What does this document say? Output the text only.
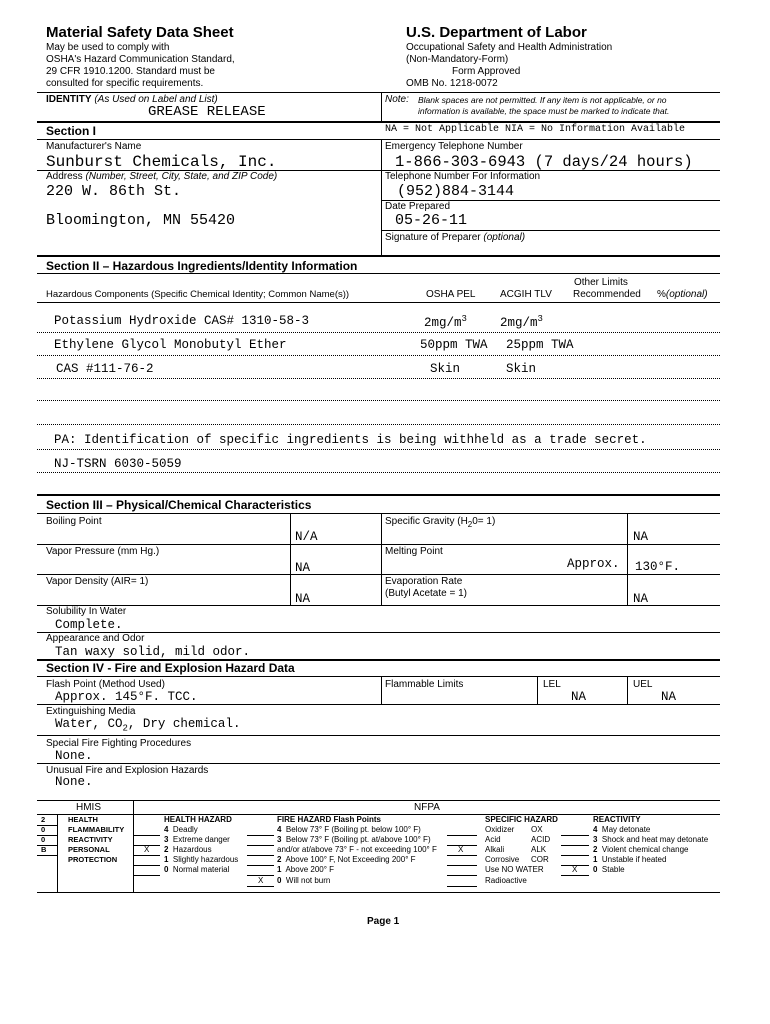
Material Safety Data Sheet
May be used to comply with
OSHA's Hazard Communication Standard,
29 CFR 1910.1200. Standard must be
consulted for specific requirements.
U.S. Department of Labor
Occupational Safety and Health Administration
(Non-Mandatory-Form)
Form Approved
OMB No. 1218-0072
IDENTITY (As Used on Label and List)
GREASE RELEASE
Note: Blank spaces are not permitted. If any item is not applicable, or no
information is available, the space must be marked to indicate that.
NA = Not Applicable NIA = No Information Available
Section I
Manufacturer's Name
Sunburst Chemicals, Inc.
Emergency Telephone Number
1-866-303-6943 (7 days/24 hours)
Address (Number, Street, City, State, and ZIP Code)
220 W. 86th St.
Bloomington, MN 55420
Telephone Number For Information
(952)884-3144
Date Prepared
05-26-11
Signature of Preparer (optional)
Section II – Hazardous Ingredients/Identity Information
Hazardous Components (Specific Chemical Identity; Common Name(s))	OSHA PEL ACGIH TLV
Other Limits
Recommended %(optional)
Potassium Hydroxide CAS# 1310-58-3	$2mg/m^3$	$2mg/m^3$
Ethylene Glycol Monobutyl Ether	50ppm TWA 25ppm TWA
CAS #111-76-2	Skin	Skin
PA: Identification of specific ingredients is being withheld as a trade secret.
NJ-TSRN 6030-5059
Section III – Physical/Chemical Characteristics
Boiling Point
N/A
Specific Gravity $(H_20= 1)$
NA
Vapor Pressure (mm Hg.)
NA
Melting Point
Approx. 130°F.
Vapor Density (AIR= 1)
NA
Evaporation Rate
(Butyl Acetate = 1)	NA
Solubility In Water
Complete.
Appearance and Odor
Tan waxy solid, mild odor.
Section IV - Fire and Explosion Hazard Data
Flash Point (Method Used)
Approx. 145°F. TCC.
Flammable Limits	LEL
NA
UEL
NA
Extinguishing Media
Water, $CO_2$, Dry chemical.
Special Fire Fighting Procedures
None.
Unusual Fire and Explosion Hazards
None.
HMIS	NFPA
2	HEALTH
0	FLAMMABILITY
0	REACTIVITY
B	PERSONAL
PROTECTION
HEALTH HAZARD
4 Deadly
3 Extreme danger
X 2 Hazardous
1 Slightly hazardous
0 Normal material
FIRE HAZARD Flash Points
4 Below 73° F (Boiling pt. below 100° F)
3 Below 73° F (Boiling pt. at/above 100° F)
and/or at/above 73° F - not exceeding 100° F
2 Above 100° F, Not Exceeding 200° F
1 Above 200° F
X 0 Will not burn
SPECIFIC HAZARD
Oxidizer OX
Acid	ACID
X	Alkali	ALK
Corrosive COR
Use NO WATER
Radioactive
REACTIVITY
4 May detonate
3 Shock and heat may detonate
2 Violent chemical change
1 Unstable if heated
X 0 Stable
Page 1
